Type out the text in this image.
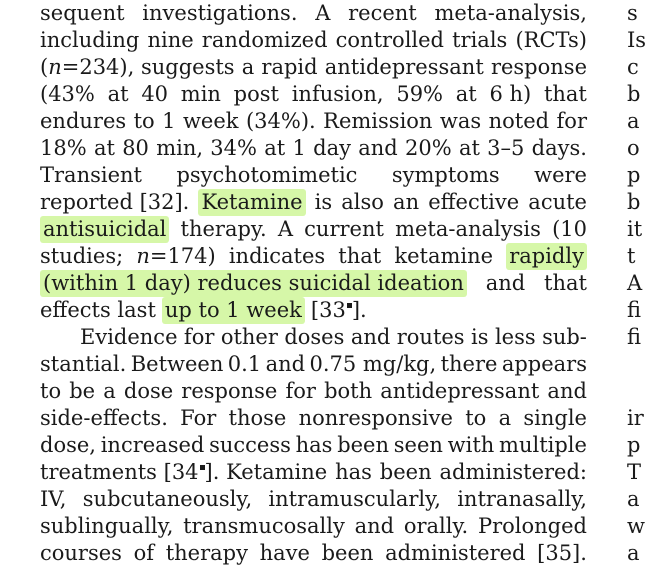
sequent investigations. A recent meta-analysis,
including nine randomized controlled trials (RCTs)
(n=234), suggests a rapid antidepressant response
(43% at 40 min post infusion, 59% at 6 h) that
endures to 1 week (34%). Remission was noted for
18% at 80 min, 34% at 1 day and 20% at 3–5 days.
Transient psychotomimetic symptoms were
reported [32]. Ketamine is also an effective acute
antisuicidal therapy. A current meta-analysis (10
studies; n=174) indicates that ketamine rapidly
(within 1 day) reduces suicidal ideation and that
effects last up to 1 week [33 ].
Evidence for other doses and routes is less sub-
stantial. Between 0.1 and 0.75 mg/kg, there appears
to be a dose response for both antidepressant and
side-effects. For those nonresponsive to a single
dose, increased success has been seen with multiple
treatments [34 ]. Ketamine has been administered:
IV, subcutaneously, intramuscularly, intranasally,
sublingually, transmucosally and orally. Prolonged
courses of therapy have been administered [35].
s
Is
c
b
a
o
p
b
it
t
A
fi
fi
ir
p
T
a
w
a
